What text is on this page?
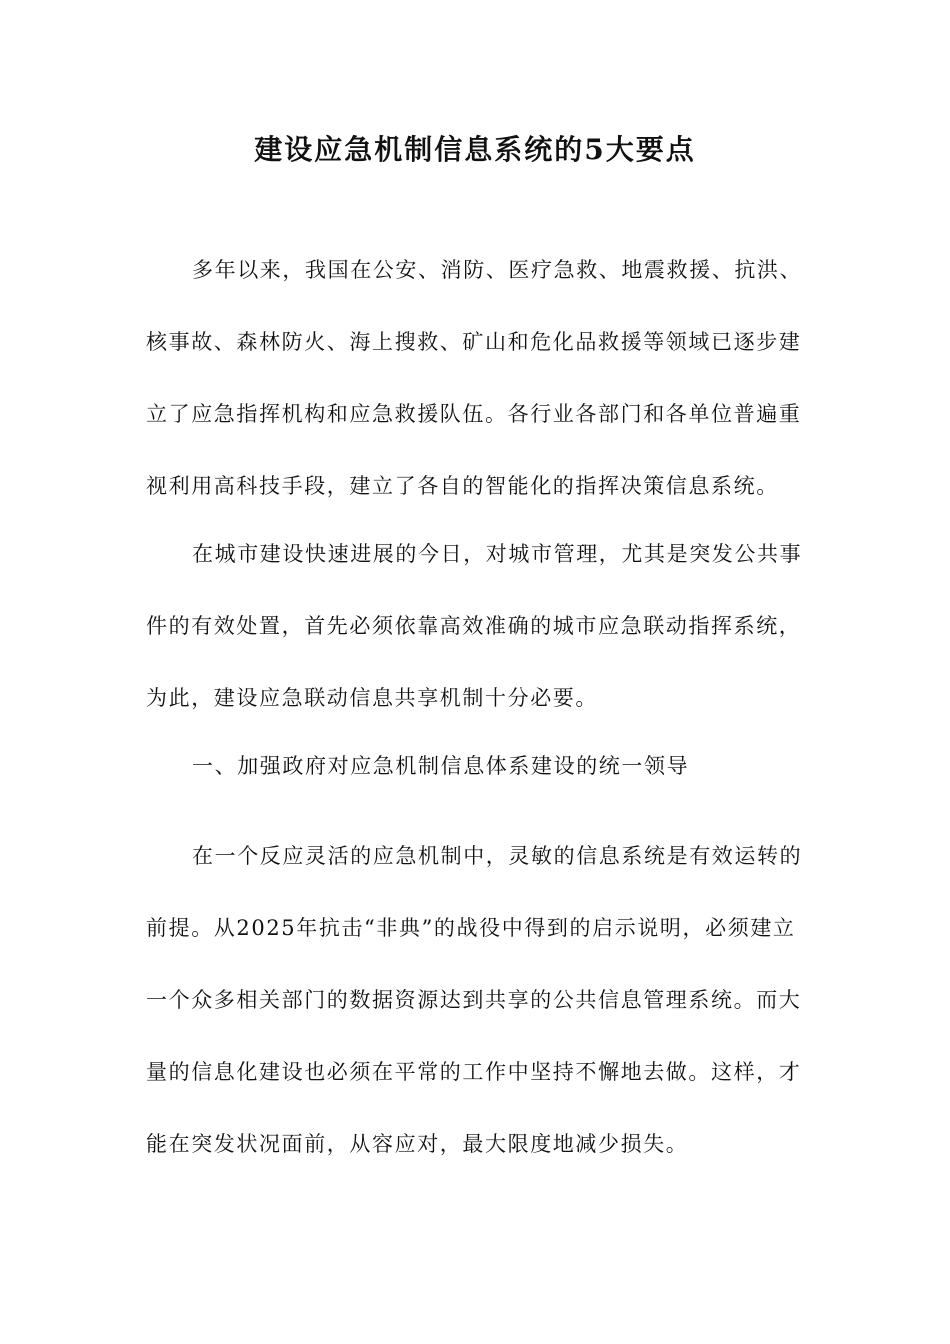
建设应急机制信息系统的5大要点
多年以来，我国在公安、消防、医疗急救、地震救援、抗洪、
核事故、森林防火、海上搜救、矿山和危化品救援等领域已逐步建
立了应急指挥机构和应急救援队伍。各行业各部门和各单位普遍重
视利用高科技手段，建立了各自的智能化的指挥决策信息系统。
在城市建设快速进展的今日，对城市管理，尤其是突发公共事
件的有效处置，首先必须依靠高效准确的城市应急联动指挥系统，
为此，建设应急联动信息共享机制十分必要。
一、加强政府对应急机制信息体系建设的统一领导
在一个反应灵活的应急机制中，灵敏的信息系统是有效运转的
前提。从2025年抗击“非典”的战役中得到的启示说明，必须建立
一个众多相关部门的数据资源达到共享的公共信息管理系统。而大
量的信息化建设也必须在平常的工作中坚持不懈地去做。这样，才
能在突发状况面前，从容应对，最大限度地减少损失。
